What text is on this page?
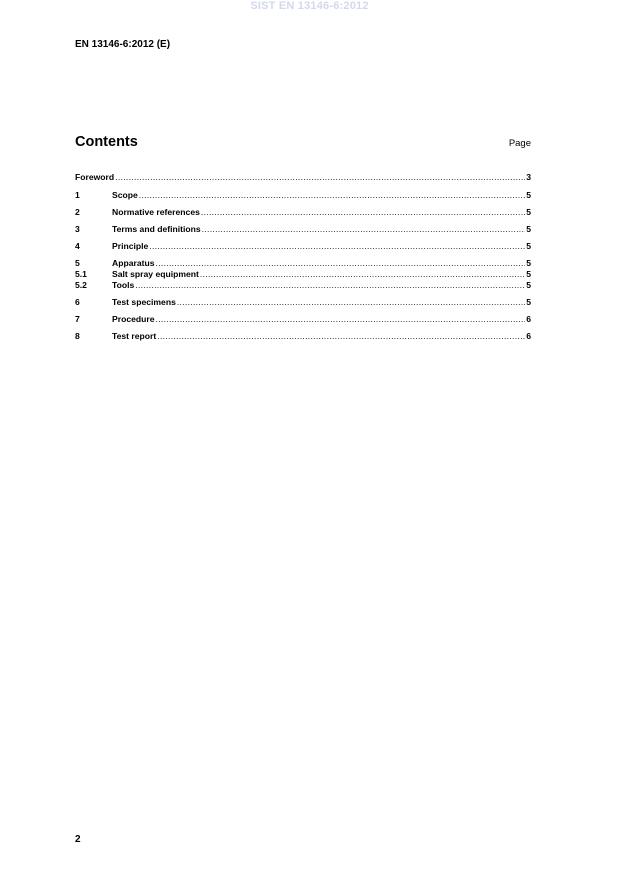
SIST EN 13146-6:2012
EN 13146-6:2012 (E)
Contents	Page
Foreword .....	3
1	Scope .....	5
2	Normative references .....	5
3	Terms and definitions .....	5
4	Principle .....	5
5	Apparatus .....	5
5.1	Salt spray equipment .....	5
5.2	Tools .....	5
6	Test specimens .....	5
7	Procedure .....	6
8	Test report .....	6
2
